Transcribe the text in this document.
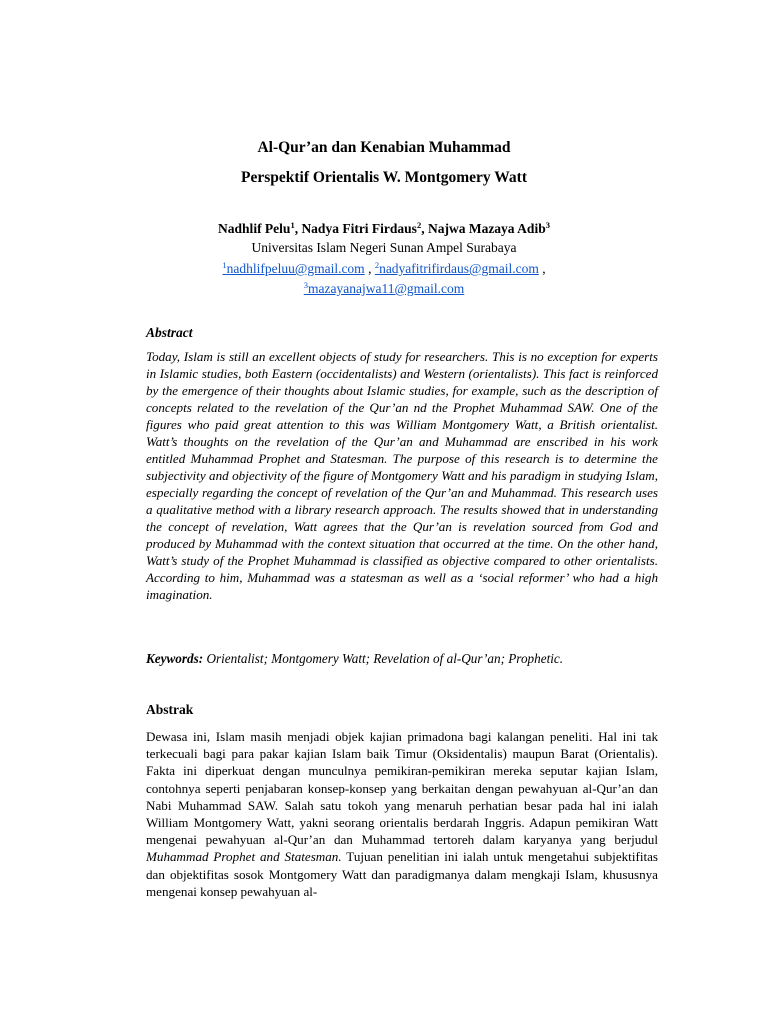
Al-Qur’an dan Kenabian Muhammad
Perspektif Orientalis W. Montgomery Watt
Nadhlif Pelu$^1$, Nadya Fitri Firdaus$^2$, Najwa Mazaya Adib$^3$
Universitas Islam Negeri Sunan Ampel Surabaya
$^1$nadhlifpeluu@gmail.com , $^2$nadyafitrifirdaus@gmail.com ,
$^3$mazayanajwa11@gmail.com
Abstract

Today, Islam is still an excellent objects of study for researchers. This is no exception for experts in Islamic studies, both Eastern (occidentalists) and Western (orientalists). This fact is reinforced by the emergence of their thoughts about Islamic studies, for example, such as the description of concepts related to the revelation of the Qur’an nd the Prophet Muhammad SAW. One of the figures who paid great attention to this was William Montgomery Watt, a British orientalist. Watt’s thoughts on the revelation of the Qur’an and Muhammad are enscribed in his work entitled Muhammad Prophet and Statesman. The purpose of this research is to determine the subjectivity and objectivity of the figure of Montgomery Watt and his paradigm in studying Islam, especially regarding the concept of revelation of the Qur’an and Muhammad. This research uses a qualitative method with a library research approach. The results showed that in understanding the concept of revelation, Watt agrees that the Qur’an is revelation sourced from God and produced by Muhammad with the context situation that occurred at the time. On the other hand, Watt’s study of the Prophet Muhammad is classified as objective compared to other orientalists. According to him, Muhammad was a statesman as well as a ‘social reformer’ who had a high imagination.

Keywords: Orientalist; Montgomery Watt; Revelation of al-Qur’an; Prophetic.

Abstrak

Dewasa ini, Islam masih menjadi objek kajian primadona bagi kalangan peneliti. Hal ini tak terkecuali bagi para pakar kajian Islam baik Timur (Oksidentalis) maupun Barat (Orientalis). Fakta ini diperkuat dengan munculnya pemikiran-pemikiran mereka seputar kajian Islam, contohnya seperti penjabaran konsep-konsep yang berkaitan dengan pewahyuan al-Qur’an dan Nabi Muhammad SAW. Salah satu tokoh yang menaruh perhatian besar pada hal ini ialah William Montgomery Watt, yakni seorang orientalis berdarah Inggris. Adapun pemikiran Watt mengenai pewahyuan al-Qur’an dan Muhammad tertoreh dalam karyanya yang berjudul Muhammad Prophet and Statesman. Tujuan penelitian ini ialah untuk mengetahui subjektifitas dan objektifitas sosok Montgomery Watt dan paradigmanya dalam mengkaji Islam, khususnya mengenai konsep pewahyuan al-
